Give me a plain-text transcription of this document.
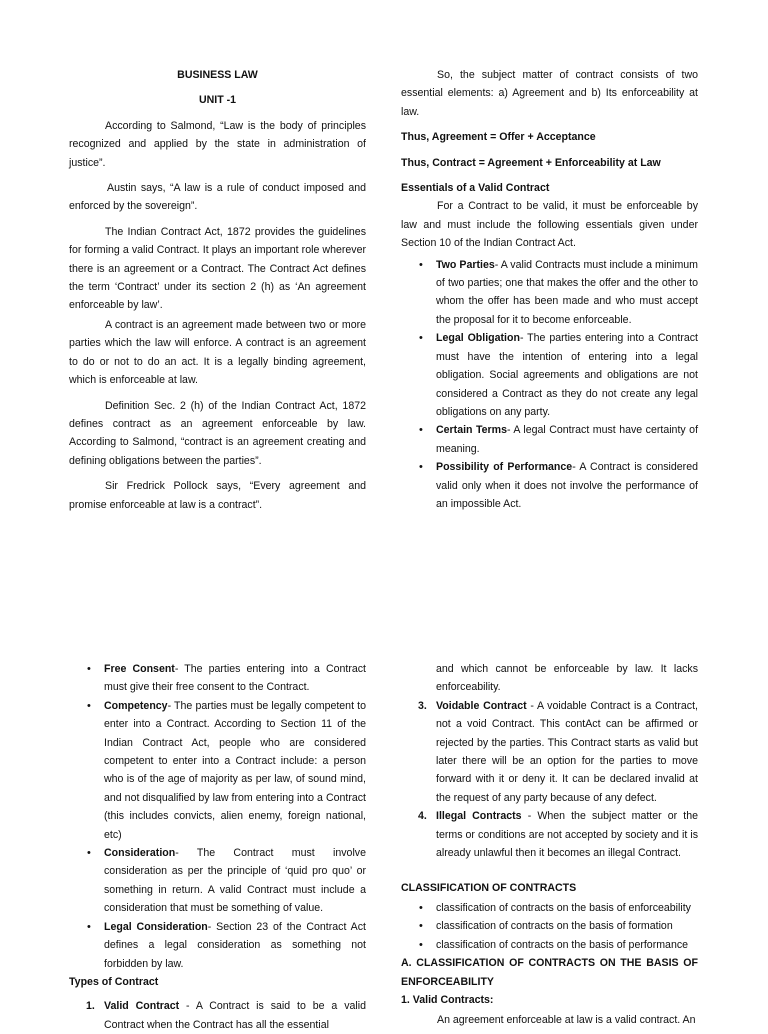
BUSINESS LAW

UNIT -1

According to Salmond, “Law is the body of principles recognized and applied by the state in administration of justice”.

Austin says, “A law is a rule of conduct imposed and enforced by the sovereign”.

The Indian Contract Act, 1872 provides the guidelines for forming a valid Contract. It plays an important role wherever there is an agreement or a Contract. The Contract Act defines the term ‘Contract’ under its section 2 (h) as ‘An agreement enforceable by law’.

A contract is an agreement made between two or more parties which the law will enforce. A contract is an agreement to do or not to do an act. It is a legally binding agreement, which is enforceable at law.

Definition Sec. 2 (h) of the Indian Contract Act, 1872 defines contract as an agreement enforceable by law. According to Salmond, “contract is an agreement creating and defining obligations between the parties”.

Sir Fredrick Pollock says, “Every agreement and promise enforceable at law is a contract”.

So, the subject matter of contract consists of two essential elements: a) Agreement and b) Its enforceability at law.

Thus, Agreement = Offer + Acceptance

Thus, Contract = Agreement + Enforceability at Law

Essentials of a Valid Contract

For a Contract to be valid, it must be enforceable by law and must include the following essentials given under Section 10 of the Indian Contract Act.

• Two Parties- A valid Contracts must include a minimum of two parties; one that makes the offer and the other to whom the offer has been made and who must accept the proposal for it to become enforceable.
• Legal Obligation- The parties entering into a Contract must have the intention of entering into a legal obligation. Social agreements and obligations are not considered a Contract as they do not create any legal obligations on any party.
• Certain Terms- A legal Contract must have certainty of meaning.
• Possibility of Performance- A Contract is considered valid only when it does not involve the performance of an impossible Act.
• Free Consent- The parties entering into a Contract must give their free consent to the Contract.
• Competency- The parties must be legally competent to enter into a Contract. According to Section 11 of the Indian Contract Act, people who are considered competent to enter into a Contract include: a person who is of the age of majority as per law, of sound mind, and not disqualified by law from entering into a Contract (this includes convicts, alien enemy, foreign national, etc)
• Consideration- The Contract must involve consideration as per the principle of ‘quid pro quo’ or something in return. A valid Contract must include a consideration that must be something of value.
• Legal Consideration- Section 23 of the Contract Act defines a legal consideration as something not forbidden by law.

Types of Contract

1. Valid Contract - A Contract is said to be a valid Contract when the Contract has all the essential

and which cannot be enforceable by law. It lacks enforceability.

3. Voidable Contract - A voidable Contract is a Contract, not a void Contract. This contAct can be affirmed or rejected by the parties. This Contract starts as valid but later there will be an option for the parties to move forward with it or deny it. It can be declared invalid at the request of any party because of any defect.
4. Illegal Contracts - When the subject matter or the terms or conditions are not accepted by society and it is already unlawful then it becomes an illegal Contract.

CLASSIFICATION OF CONTRACTS

• classification of contracts on the basis of enforceability
• classification of contracts on the basis of formation
• classification of contracts on the basis of performance

A. CLASSIFICATION OF CONTRACTS ON THE BASIS OF ENFORCEABILITY

1. Valid Contracts:

An agreement enforceable at law is a valid contract. An
